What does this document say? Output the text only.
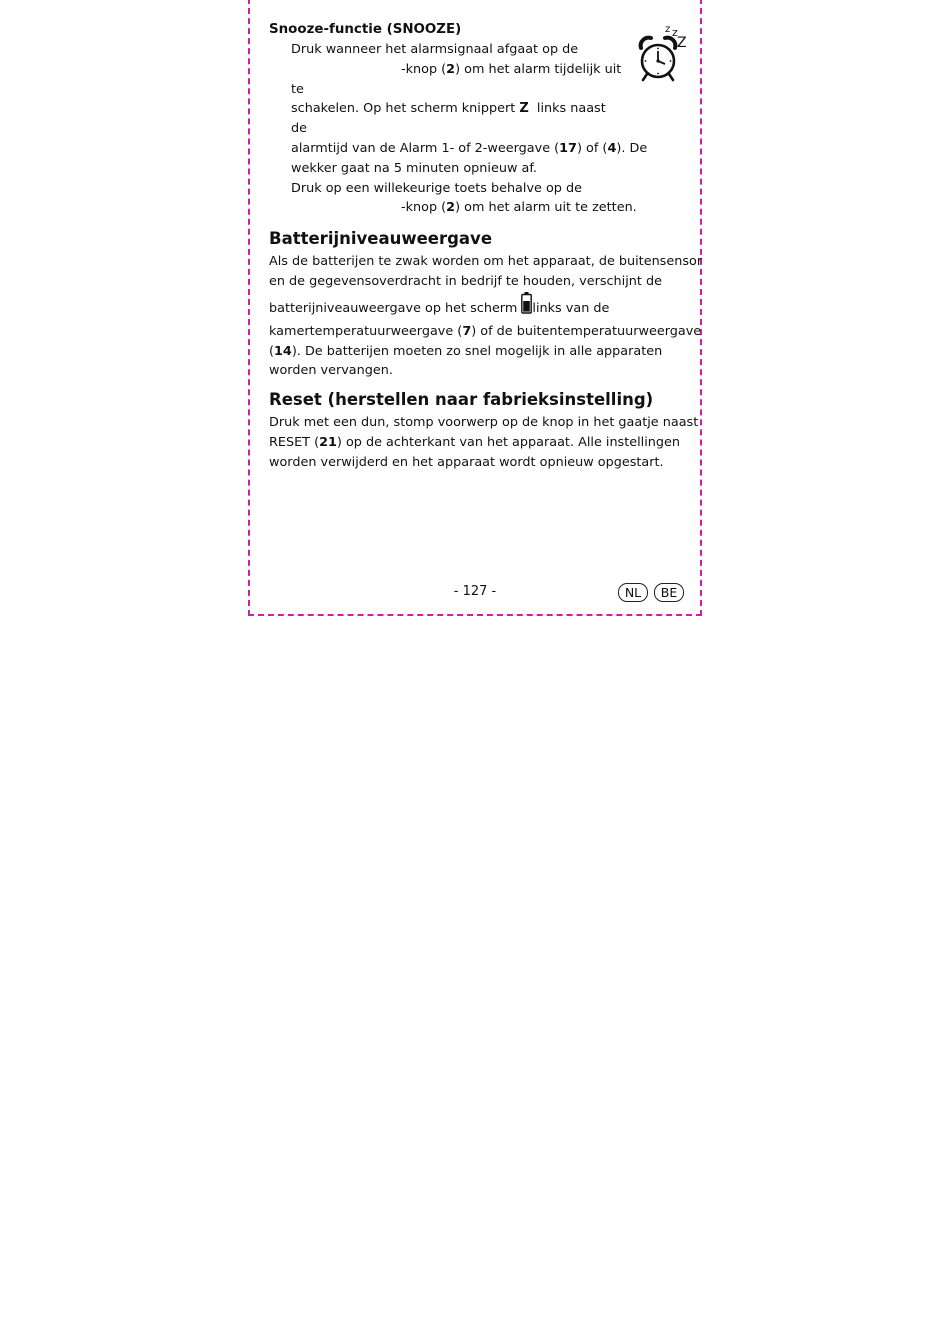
z z
Z

Snooze-functie (SNOOZE)

Druk wanneer het alarmsignaal afgaat op de
-knop (2) om het alarm tijdelijk uit te
schakelen. Op het scherm knippert Z links naast de
alarmtijd van de Alarm 1- of 2-weergave (17) of (4). De
wekker gaat na 5 minuten opnieuw af.
Druk op een willekeurige toets behalve op de
-knop (2) om het alarm uit te zetten.
Batterijniveauweergave
Als de batterijen te zwak worden om het apparaat, de buitensensor
en de gegevensoverdracht in bedrijf te houden, verschijnt de
batterijniveauweergave op het scherm links van de
kamertemperatuurweergave (7) of de buitentemperatuurweergave
(14). De batterijen moeten zo snel mogelijk in alle apparaten
worden vervangen.
Reset (herstellen naar fabrieksinstelling)
Druk met een dun, stomp voorwerp op de knop in het gaatje naast
RESET (21) op de achterkant van het apparaat. Alle instellingen
worden verwijderd en het apparaat wordt opnieuw opgestart.
- 127 -	NL	BE
